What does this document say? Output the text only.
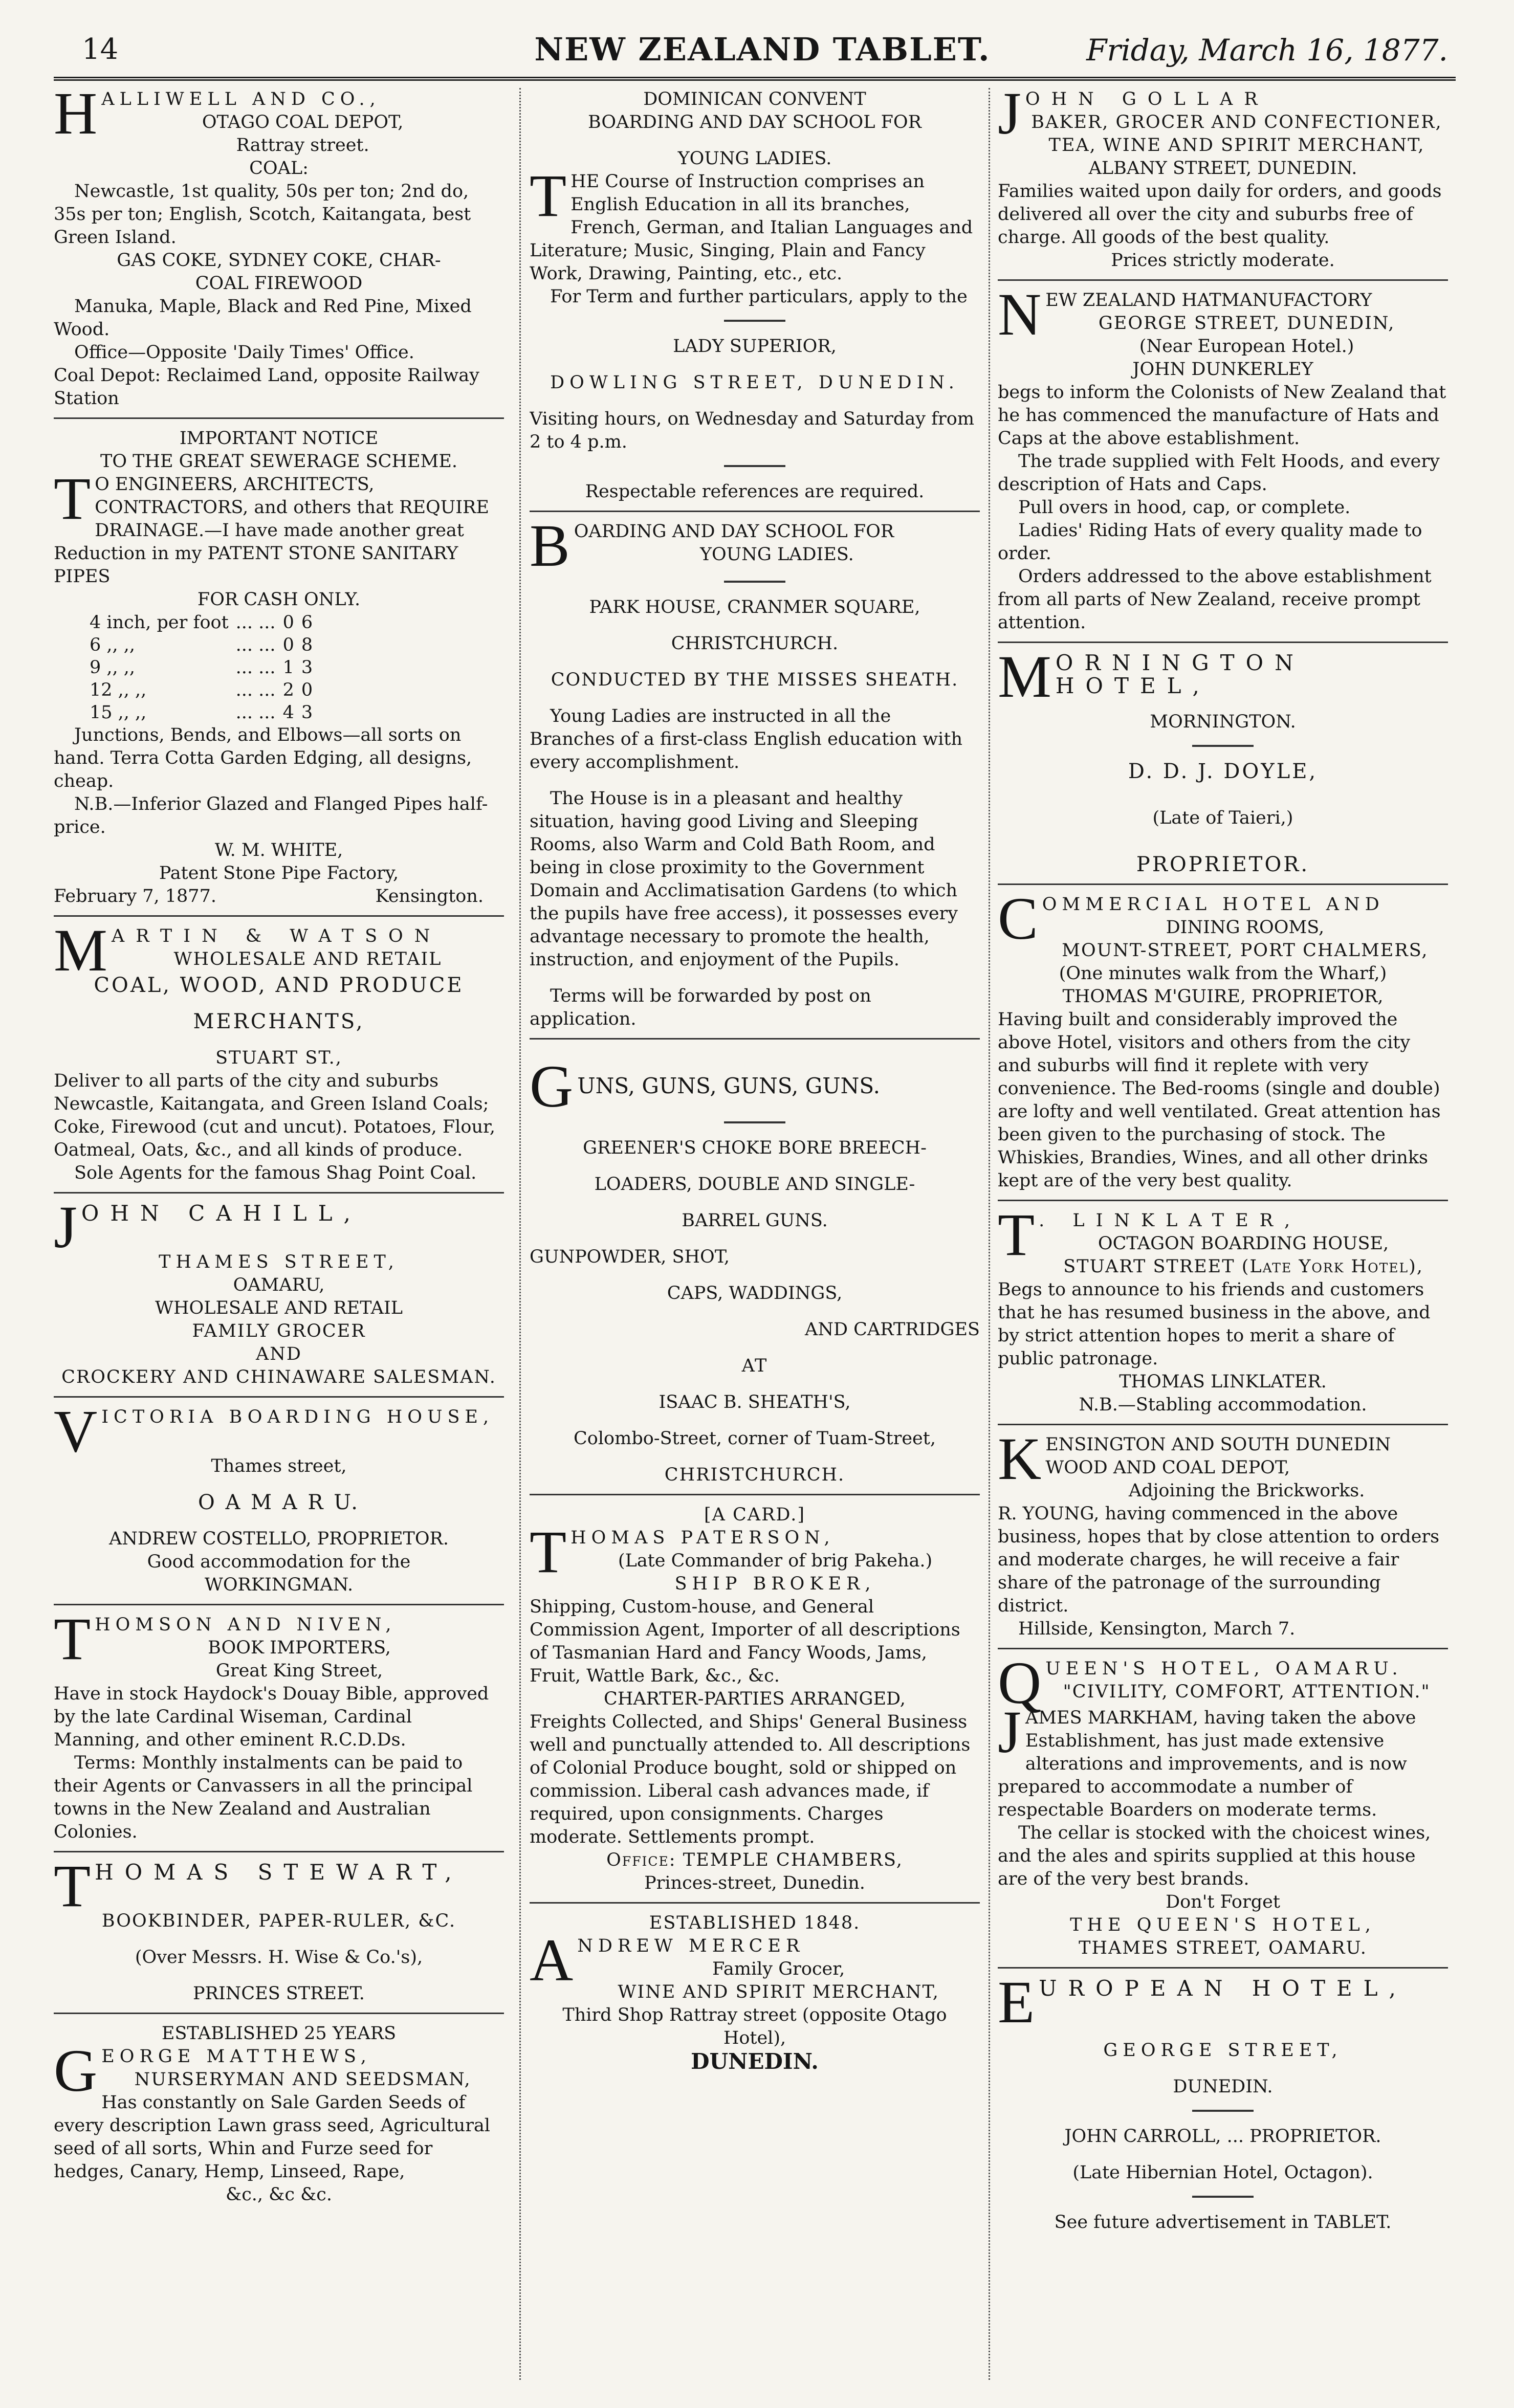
14	NEW ZEALAND TABLET.	Friday, March 16, 1877.
H ALLIWELL AND CO.,

OTAGO COAL DEPOT,

Rattray street.

COAL:

Newcastle, 1st quality, 50s per ton; 2nd do, 35s per ton; English, Scotch, Kaitangata, best Green Island.

GAS COKE, SYDNEY COKE, CHAR-

COAL FIREWOOD

Manuka, Maple, Black and Red Pine, Mixed Wood.

Office—Opposite 'Daily Times' Office.

Coal Depot: Reclaimed Land, opposite Railway Station

IMPORTANT NOTICE

TO THE GREAT SEWERAGE SCHEME.

T O ENGINEERS, ARCHITECTS, CONTRACTORS, and others that REQUIRE DRAINAGE.—I have made another great Reduction in my PATENT STONE SANITARY PIPES

FOR CASH ONLY.

4 inch, per foot	... ...	0	6
6 ,, ,,	... ...	0	8
9 ,, ,,	... ...	1	3
12 ,, ,,	... ...	2	0
15 ,, ,,	... ...	4	3

Junctions, Bends, and Elbows—all sorts on hand. Terra Cotta Garden Edging, all designs, cheap.

N.B.—Inferior Glazed and Flanged Pipes half-price.

W. M. WHITE,

Patent Stone Pipe Factory,

February 7, 1877.	Kensington.
M ARTIN & WATSON

WHOLESALE AND RETAIL

COAL, WOOD, AND PRODUCE

MERCHANTS,

STUART ST.,

Deliver to all parts of the city and suburbs Newcastle, Kaitangata, and Green Island Coals; Coke, Firewood (cut and uncut). Potatoes, Flour, Oatmeal, Oats, &c., and all kinds of produce.

Sole Agents for the famous Shag Point Coal.

J OHN CAHILL,

THAMES STREET,

OAMARU,

WHOLESALE AND RETAIL

FAMILY GROCER

AND

CROCKERY AND CHINAWARE SALESMAN.

V ICTORIA BOARDING HOUSE,

Thames street,

O A M A R U.

ANDREW COSTELLO, PROPRIETOR.

Good accommodation for the

WORKINGMAN.

T HOMSON AND NIVEN,

BOOK IMPORTERS,

Great King Street,

Have in stock Haydock's Douay Bible, approved by the late Cardinal Wiseman, Cardinal Manning, and other eminent R.C.D.Ds.

Terms: Monthly instalments can be paid to their Agents or Canvassers in all the principal towns in the New Zealand and Australian Colonies.

T HOMAS STEWART,

BOOKBINDER, PAPER-RULER, &C.

(Over Messrs. H. Wise & Co.'s),

PRINCES STREET.

ESTABLISHED 25 YEARS

G EORGE MATTHEWS,

NURSERYMAN AND SEEDSMAN,

Has constantly on Sale Garden Seeds of every description Lawn grass seed, Agricultural seed of all sorts, Whin and Furze seed for hedges, Canary, Hemp, Linseed, Rape,

&c., &c &c.

DOMINICAN CONVENT

BOARDING AND DAY SCHOOL FOR

YOUNG LADIES.

T HE Course of Instruction comprises an English Education in all its branches, French, German, and Italian Languages and Literature; Music, Singing, Plain and Fancy Work, Drawing, Painting, etc., etc.

For Term and further particulars, apply to the

LADY SUPERIOR,

DOWLING STREET, DUNEDIN.

Visiting hours, on Wednesday and Saturday from 2 to 4 p.m.

Respectable references are required.

B OARDING AND DAY SCHOOL FOR

YOUNG LADIES.

PARK HOUSE, CRANMER SQUARE,

CHRISTCHURCH.

CONDUCTED BY THE MISSES SHEATH.

Young Ladies are instructed in all the Branches of a first-class English education with every accomplishment.

The House is in a pleasant and healthy situation, having good Living and Sleeping Rooms, also Warm and Cold Bath Room, and being in close proximity to the Government Domain and Acclimatisation Gardens (to which the pupils have free access), it possesses every advantage necessary to promote the health, instruction, and enjoyment of the Pupils.

Terms will be forwarded by post on application.

G UNS, GUNS, GUNS, GUNS.

GREENER'S CHOKE BORE BREECH-

LOADERS, DOUBLE AND SINGLE-

BARREL GUNS.

GUNPOWDER, SHOT,

CAPS, WADDINGS,

AND CARTRIDGES

AT

ISAAC B. SHEATH'S,

Colombo-Street, corner of Tuam-Street,

CHRISTCHURCH.

[A CARD.]

T HOMAS PATERSON,

(Late Commander of brig Pakeha.)

SHIP BROKER,

Shipping, Custom-house, and General Commission Agent, Importer of all descriptions of Tasmanian Hard and Fancy Woods, Jams, Fruit, Wattle Bark, &c., &c.

CHARTER-PARTIES ARRANGED,

Freights Collected, and Ships' General Business well and punctually attended to. All descriptions of Colonial Produce bought, sold or shipped on commission. Liberal cash advances made, if required, upon consignments. Charges moderate. Settlements prompt.

Office: TEMPLE CHAMBERS,

Princes-street, Dunedin.

ESTABLISHED 1848.

A NDREW MERCER

Family Grocer,

WINE AND SPIRIT MERCHANT,

Third Shop Rattray street (opposite Otago Hotel),

DUNEDIN.

J OHN GOLLAR

BAKER, GROCER AND CONFECTIONER,

TEA, WINE AND SPIRIT MERCHANT,

ALBANY STREET, DUNEDIN.

Families waited upon daily for orders, and goods delivered all over the city and suburbs free of charge. All goods of the best quality.

Prices strictly moderate.

N EW ZEALAND HATMANUFACTORY

GEORGE STREET, DUNEDIN,

(Near European Hotel.)

JOHN DUNKERLEY

begs to inform the Colonists of New Zealand that he has commenced the manufacture of Hats and Caps at the above establishment.

The trade supplied with Felt Hoods, and every description of Hats and Caps.

Pull overs in hood, cap, or complete.

Ladies' Riding Hats of every quality made to order.

Orders addressed to the above establishment from all parts of New Zealand, receive prompt attention.

M ORNINGTON HOTEL,

MORNINGTON.

D. D. J. DOYLE,

(Late of Taieri,)

PROPRIETOR.

C OMMERCIAL HOTEL AND

DINING ROOMS,

MOUNT-STREET, PORT CHALMERS,

(One minutes walk from the Wharf,)

THOMAS M'GUIRE, PROPRIETOR,

Having built and considerably improved the above Hotel, visitors and others from the city and suburbs will find it replete with very convenience. The Bed-rooms (single and double) are lofty and well ventilated. Great attention has been given to the purchasing of stock. The Whiskies, Brandies, Wines, and all other drinks kept are of the very best quality.

T . LINKLATER,

OCTAGON BOARDING HOUSE,

STUART STREET (Late York Hotel),

Begs to announce to his friends and customers that he has resumed business in the above, and by strict attention hopes to merit a share of public patronage.

THOMAS LINKLATER.

N.B.—Stabling accommodation.

K ENSINGTON AND SOUTH DUNEDIN WOOD AND COAL DEPOT,

Adjoining the Brickworks.

R. YOUNG, having commenced in the above business, hopes that by close attention to orders and moderate charges, he will receive a fair share of the patronage of the surrounding district.

Hillside, Kensington, March 7.

Q UEEN'S HOTEL, OAMARU.

"CIVILITY, COMFORT, ATTENTION."

J AMES MARKHAM, having taken the above Establishment, has just made extensive alterations and improvements, and is now prepared to accommodate a number of respectable Boarders on moderate terms.

The cellar is stocked with the choicest wines, and the ales and spirits supplied at this house are of the very best brands.

Don't Forget

THE QUEEN'S HOTEL,

THAMES STREET, OAMARU.

E UROPEAN HOTEL,

GEORGE STREET,

DUNEDIN.

JOHN CARROLL, ... PROPRIETOR.

(Late Hibernian Hotel, Octagon).

See future advertisement in TABLET.
